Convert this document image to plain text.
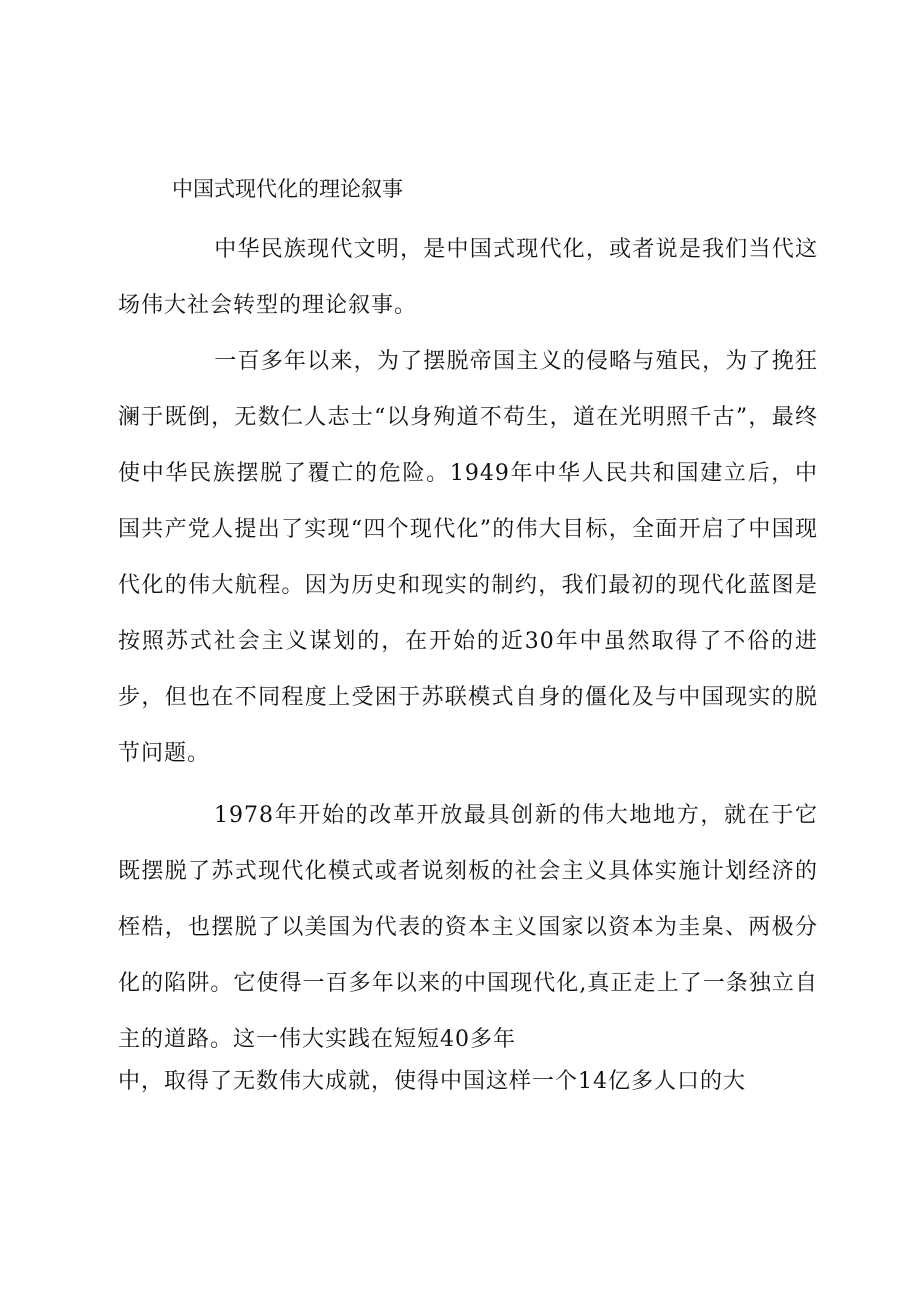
中国式现代化的理论叙事

中华民族现代文明，是中国式现代化，或者说是我们当代这场伟大社会转型的理论叙事。

一百多年以来，为了摆脱帝国主义的侵略与殖民，为了挽狂澜于既倒，无数仁人志士“以身殉道不苟生，道在光明照千古”，最终使中华民族摆脱了覆亡的危险。1949年中华人民共和国建立后，中国共产党人提出了实现“四个现代化”的伟大目标，全面开启了中国现代化的伟大航程。因为历史和现实的制约，我们最初的现代化蓝图是按照苏式社会主义谋划的，在开始的近30年中虽然取得了不俗的进步，但也在不同程度上受困于苏联模式自身的僵化及与中国现实的脱节问题。

1978年开始的改革开放最具创新的伟大地地方，就在于它既摆脱了苏式现代化模式或者说刻板的社会主义具体实施计划经济的桎梏，也摆脱了以美国为代表的资本主义国家以资本为圭臬、两极分化的陷阱。它使得一百多年以来的中国现代化,真正走上了一条独立自主的道路。这一伟大实践在短短40多年

中，取得了无数伟大成就，使得中国这样一个14亿多人口的大
